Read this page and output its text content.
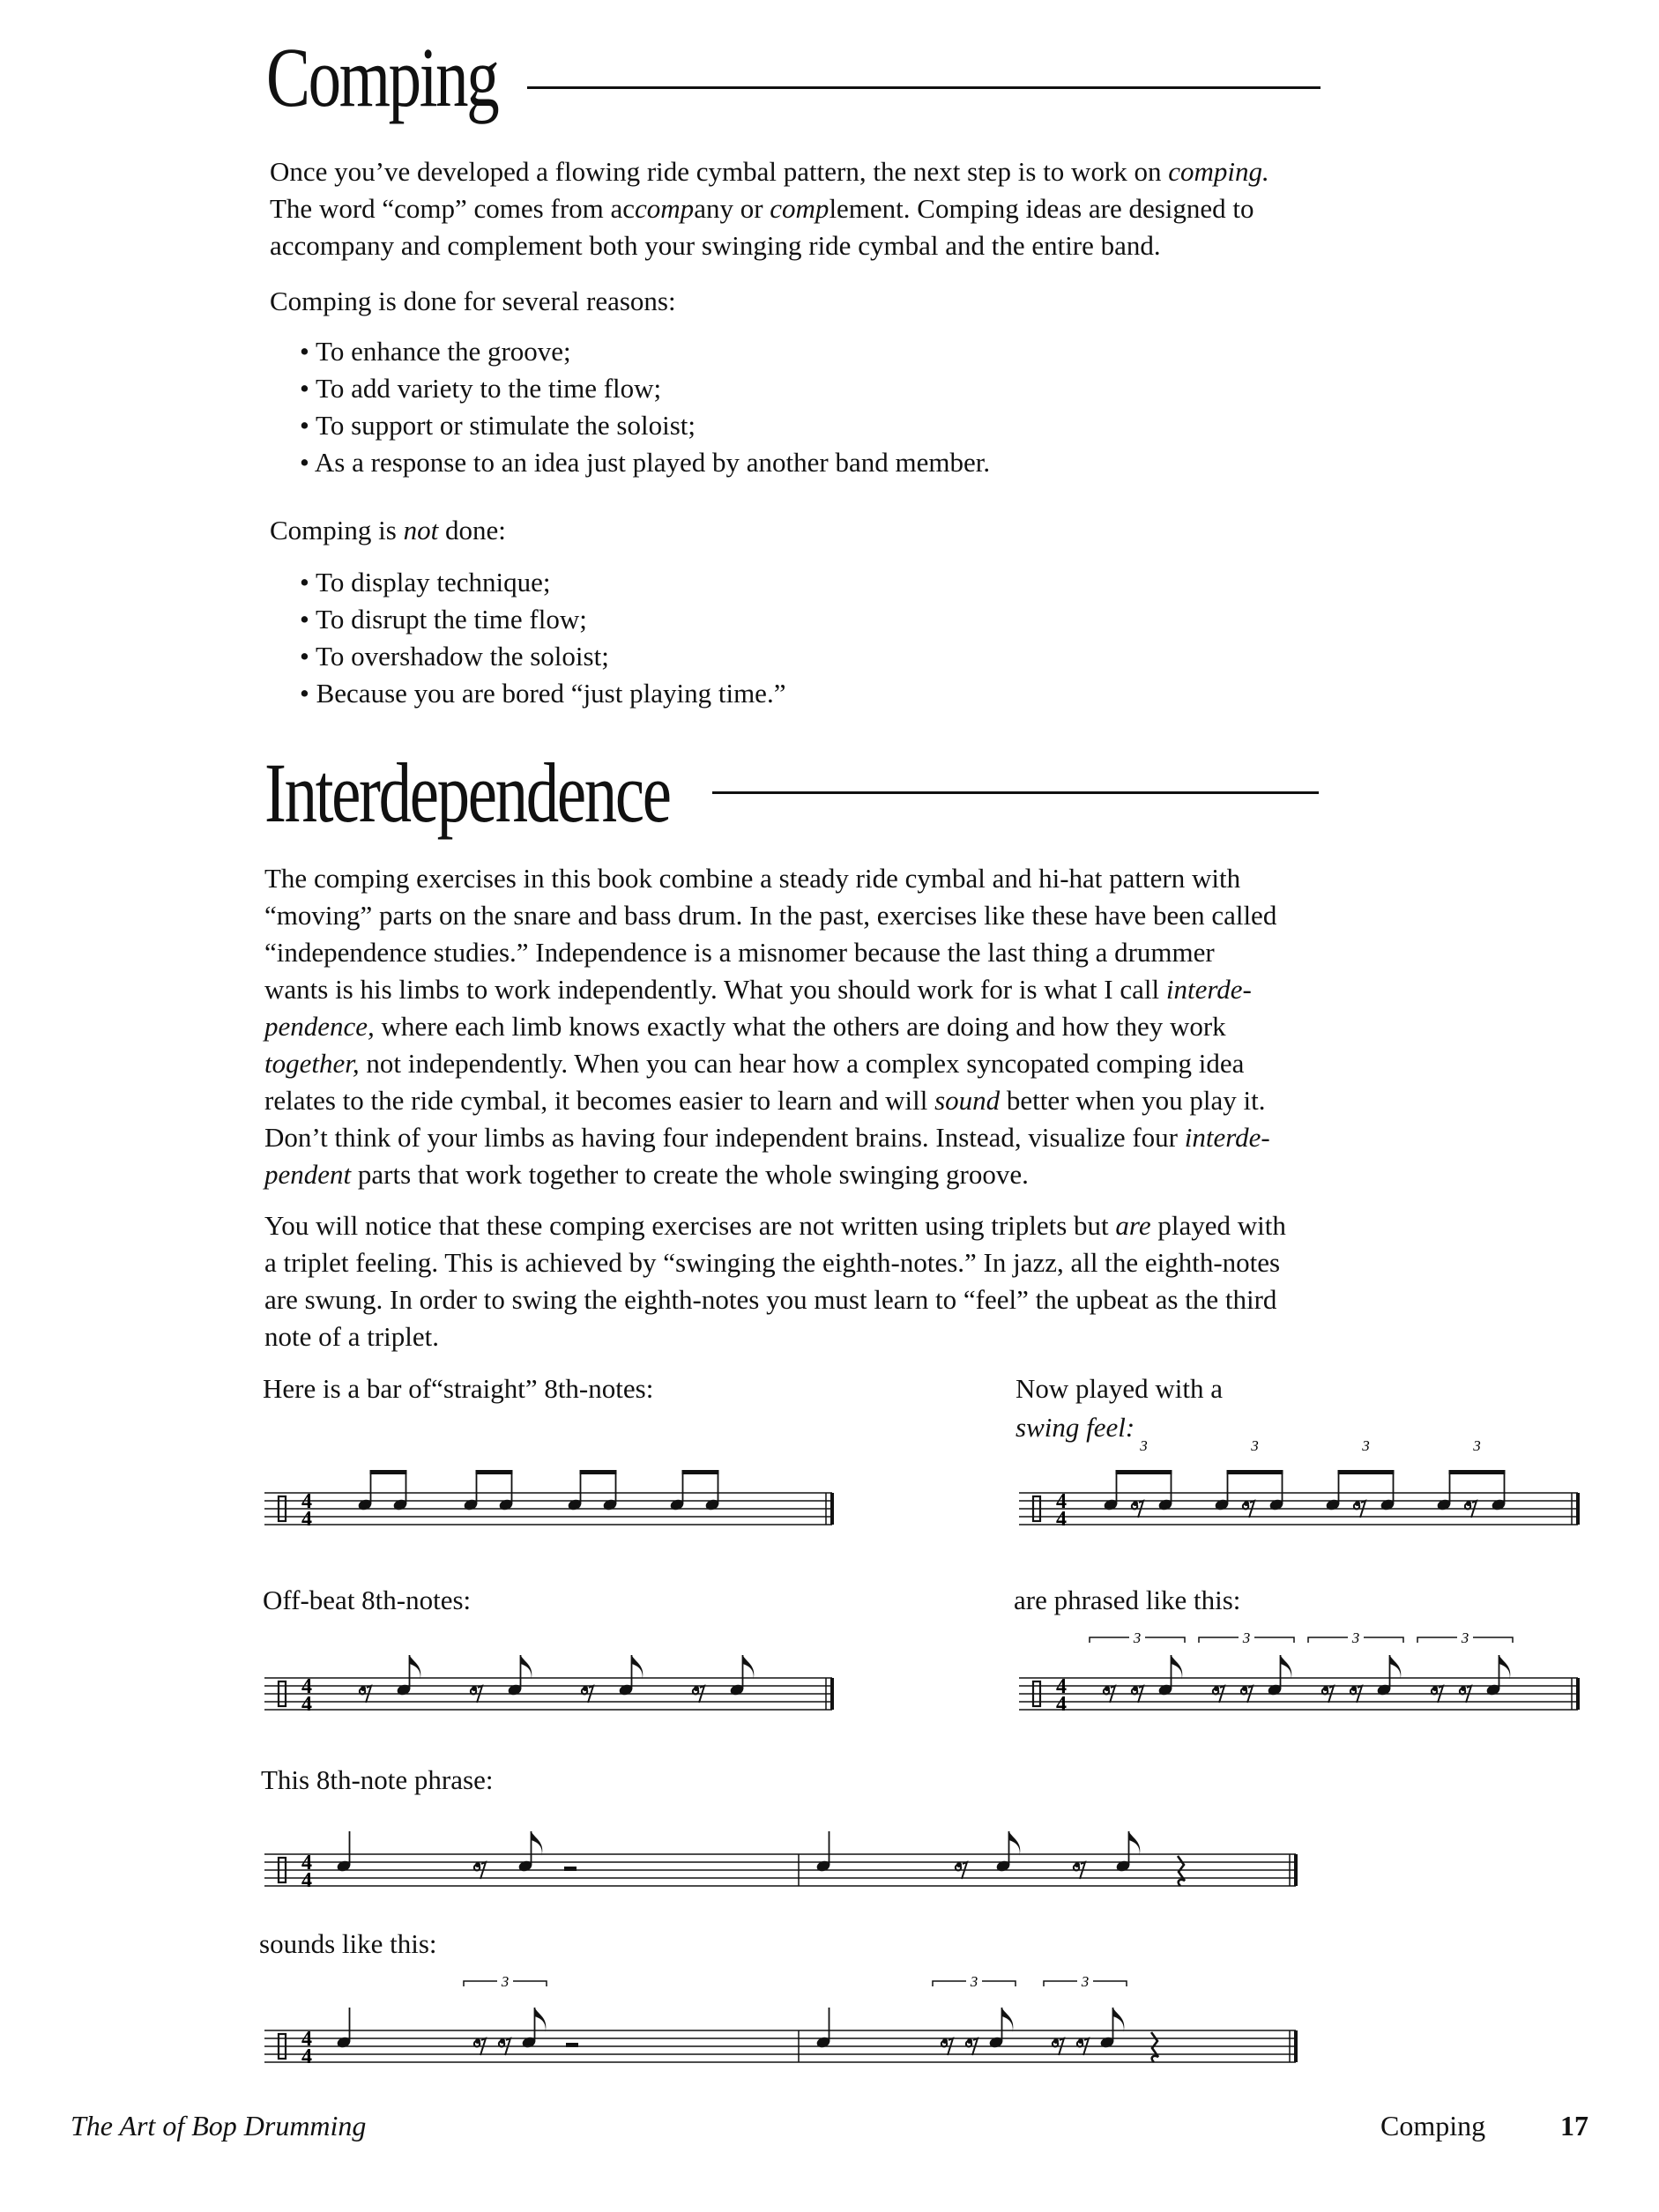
Comping

Once you’ve developed a flowing ride cymbal pattern, the next step is to work on comping.
The word “comp” comes from accompany or complement. Comping ideas are designed to
accompany and complement both your swinging ride cymbal and the entire band.

Comping is done for several reasons:

• To enhance the groove;
• To add variety to the time flow;
• To support or stimulate the soloist;
• As a response to an idea just played by another band member.

Comping is not done:

• To display technique;
• To disrupt the time flow;
• To overshadow the soloist;
• Because you are bored “just playing time.”
Interdependence

The comping exercises in this book combine a steady ride cymbal and hi-hat pattern with
“moving” parts on the snare and bass drum. In the past, exercises like these have been called
“independence studies.” Independence is a misnomer because the last thing a drummer
wants is his limbs to work independently. What you should work for is what I call interde-
pendence, where each limb knows exactly what the others are doing and how they work
together, not independently. When you can hear how a complex syncopated comping idea
relates to the ride cymbal, it becomes easier to learn and will sound better when you play it.
Don’t think of your limbs as having four independent brains. Instead, visualize four interde-
pendent parts that work together to create the whole swinging groove.

You will notice that these comping exercises are not written using triplets but are played with
a triplet feeling. This is achieved by “swinging the eighth-notes.” In jazz, all the eighth-notes
are swung. In order to swing the eighth-notes you must learn to “feel” the upbeat as the third
note of a triplet.

Here is a bar of“straight” 8th-notes:	Now played with a

swing feel:

Off-beat 8th-notes:	are phrased like this:

This 8th-note phrase:

sounds like this:

4
4
4
4
3	3	3	3
4
4
4
4
3	3	3	3
4
4
4
4
3	3	3
The Art of Bop Drumming	Comping	17
